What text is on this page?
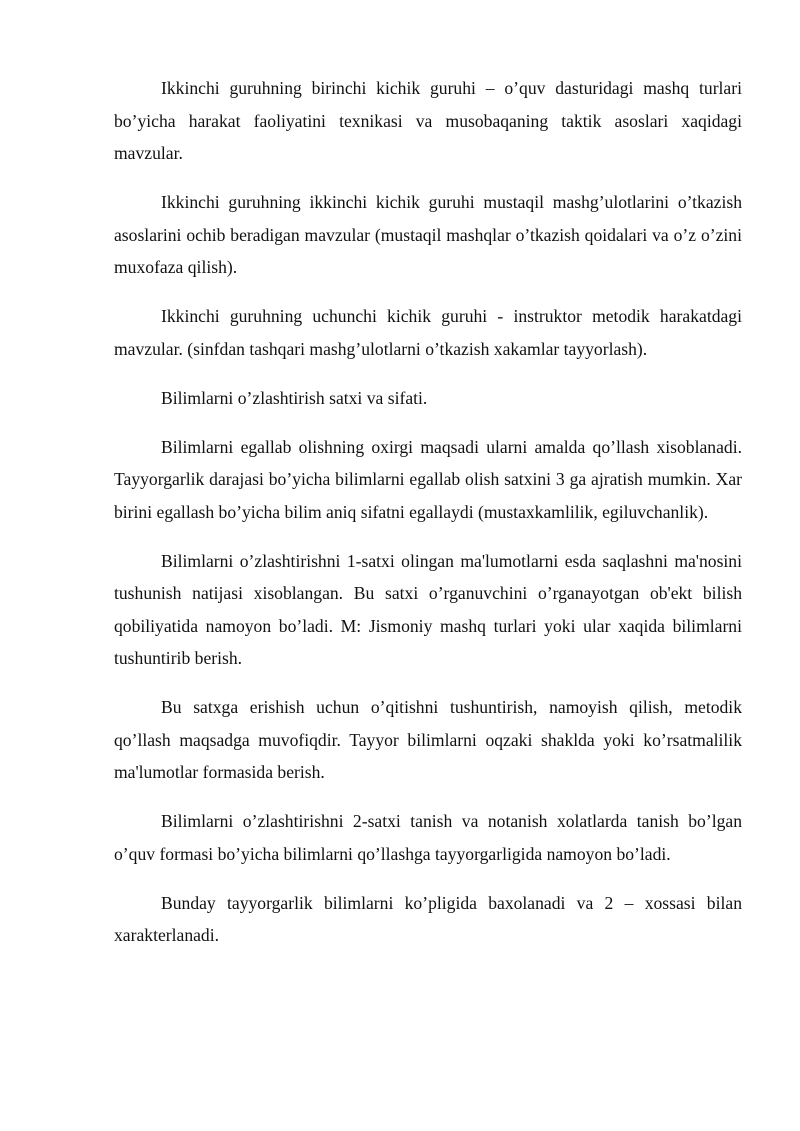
Ikkinchi guruhning birinchi kichik guruhi – o’quv dasturidagi mashq turlari bo’yicha harakat faoliyatini texnikasi va musobaqaning taktik asoslari xaqidagi mavzular.

Ikkinchi guruhning ikkinchi kichik guruhi mustaqil mashg’ulotlarini o’tkazish asoslarini ochib beradigan mavzular (mustaqil mashqlar o’tkazish qoidalari va o’z o’zini muxofaza qilish).

Ikkinchi guruhning uchunchi kichik guruhi - instruktor metodik harakatdagi mavzular. (sinfdan tashqari mashg’ulotlarni o’tkazish xakamlar tayyorlash).

Bilimlarni o’zlashtirish satxi va sifati.

Bilimlarni egallab olishning oxirgi maqsadi ularni amalda qo’llash xisoblanadi. Tayyorgarlik darajasi bo’yicha bilimlarni egallab olish satxini 3 ga ajratish mumkin. Xar birini egallash bo’yicha bilim aniq sifatni egallaydi (mustaxkamlilik, egiluvchanlik).

Bilimlarni o’zlashtirishni 1-satxi olingan ma'lumotlarni esda saqlashni ma'nosini tushunish natijasi xisoblangan. Bu satxi o’rganuvchini o’rganayotgan ob'ekt bilish qobiliyatida namoyon bo’ladi. M: Jismoniy mashq turlari yoki ular xaqida bilimlarni tushuntirib berish.

Bu satxga erishish uchun o’qitishni tushuntirish, namoyish qilish, metodik qo’llash maqsadga muvofiqdir. Tayyor bilimlarni oqzaki shaklda yoki ko’rsatmalilik ma'lumotlar formasida berish.

Bilimlarni o’zlashtirishni 2-satxi tanish va notanish xolatlarda tanish bo’lgan o’quv formasi bo’yicha bilimlarni qo’llashga tayyorgarligida namoyon bo’ladi.

Bunday tayyorgarlik bilimlarni ko’pligida baxolanadi va 2 – xossasi bilan xarakterlanadi.
